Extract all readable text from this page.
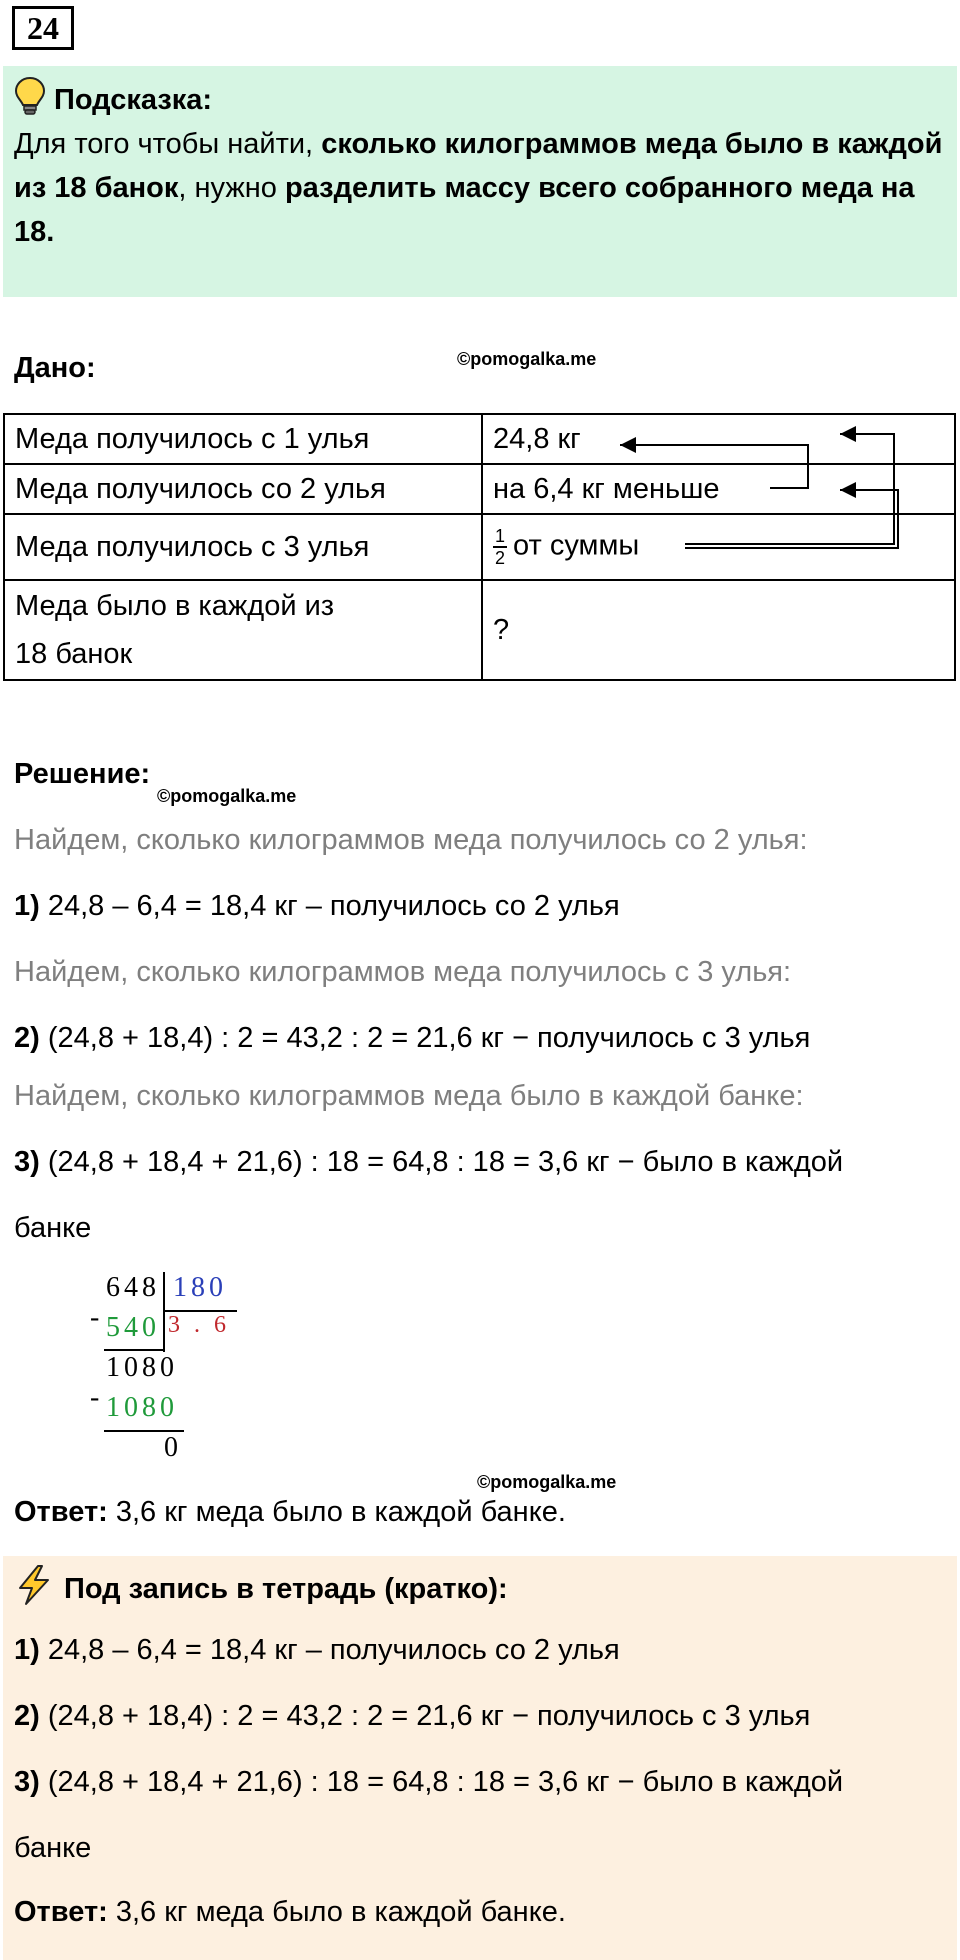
24
Подсказка:
Для того чтобы найти, сколько килограммов меда было в каждой из 18 банок, нужно разделить массу всего собранного меда на 18.
Дано:	©pomogalka.me
Меда получилось с 1 улья	24,8 кг
Меда получилось со 2 улья	на 6,4 кг меньше
Меда получилось с 3 улья	$\frac{1}{2}$ от суммы

Меда было в каждой из
18 банок	?
Решение:
©pomogalka.me
Найдем, сколько килограммов меда получилось со 2 улья:
1) 24,8 – 6,4 = 18,4 кг – получилось со 2 улья
Найдем, сколько килограммов меда получилось с 3 улья:
2) (24,8 + 18,4) : 2 = 43,2 : 2 = 21,6 кг − получилось с 3 улья
Найдем, сколько килограммов меда было в каждой банке:
3) (24,8 + 18,4 + 21,6) : 18 = 64,8 : 18 = 3,6 кг − было в каждой
банке
648 180
- 540 3 . 6
1080
- 1080
0
©pomogalka.me
Ответ: 3,6 кг меда было в каждой банке.
Под запись в тетрадь (кратко):
1) 24,8 – 6,4 = 18,4 кг – получилось со 2 улья
2) (24,8 + 18,4) : 2 = 43,2 : 2 = 21,6 кг − получилось с 3 улья
3) (24,8 + 18,4 + 21,6) : 18 = 64,8 : 18 = 3,6 кг − было в каждой
банке
Ответ: 3,6 кг меда было в каждой банке.
